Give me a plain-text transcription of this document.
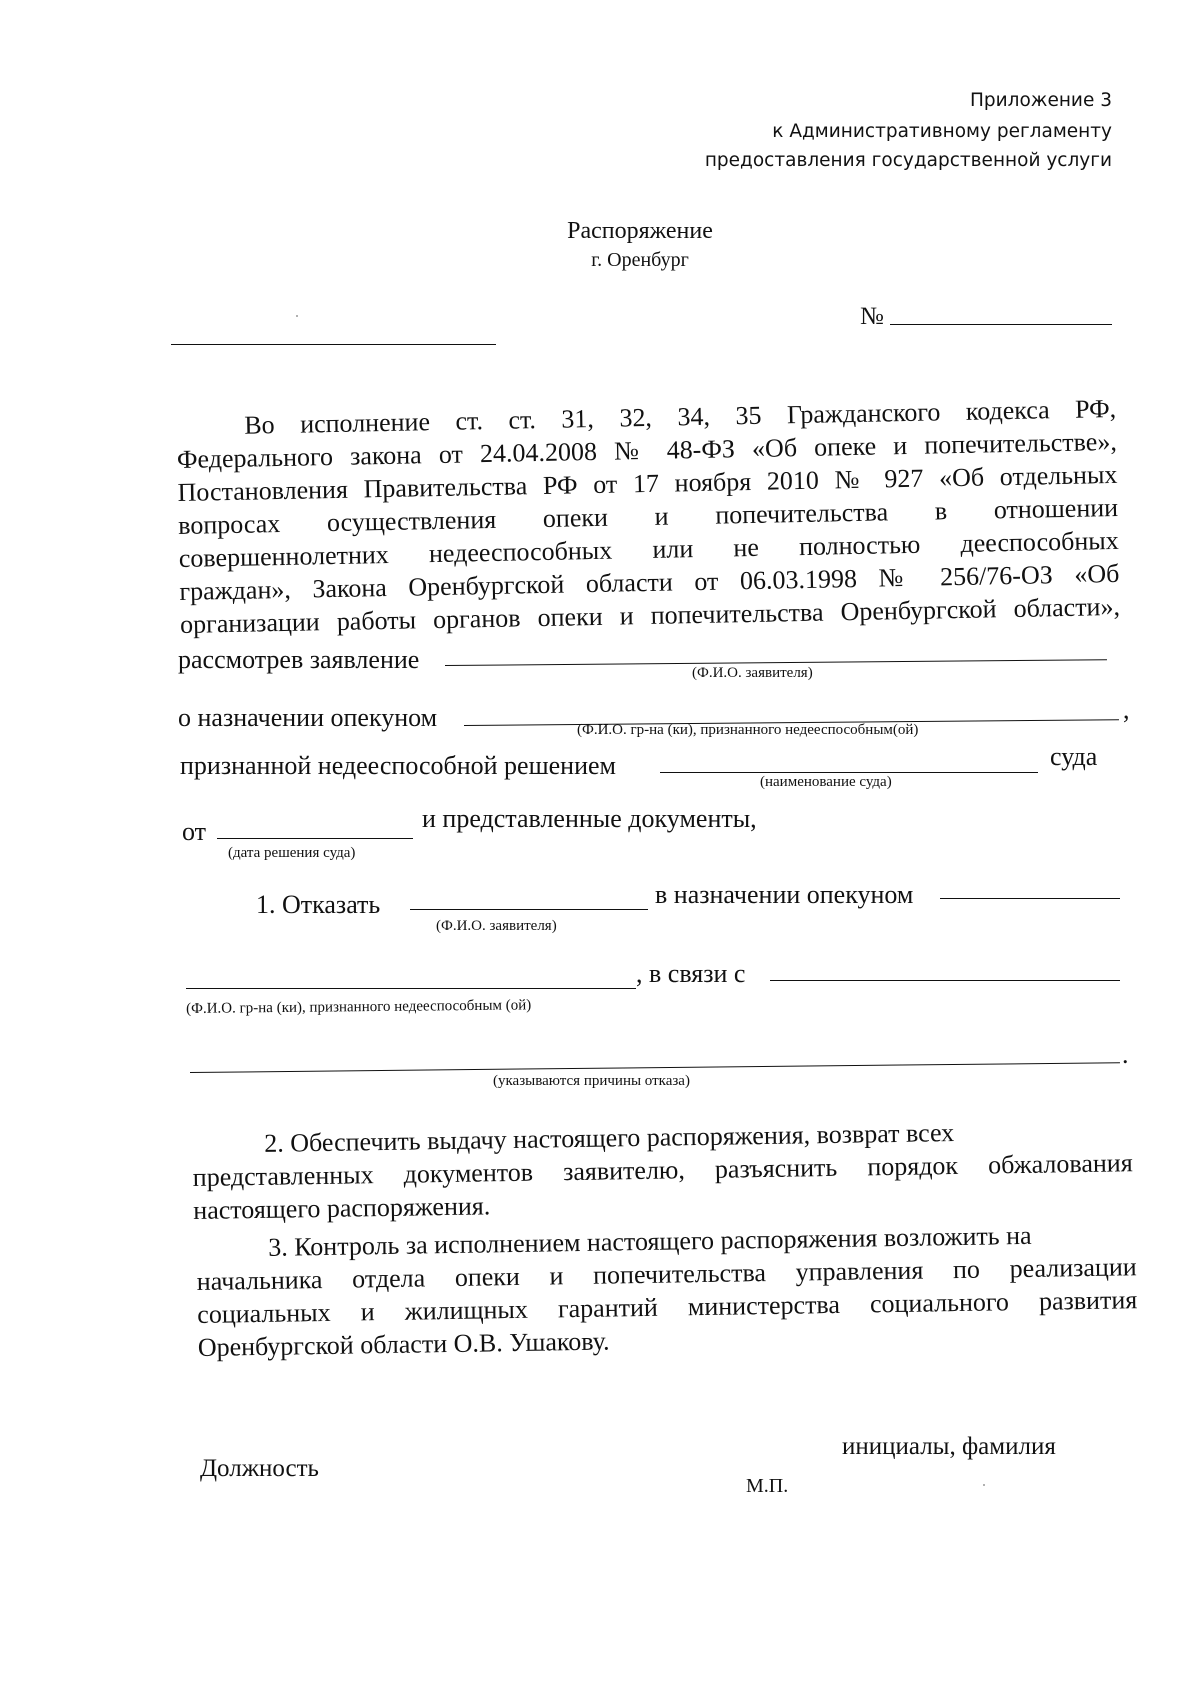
Приложение 3
к Административному регламенту
предоставления государственной услуги
Распоряжение
г. Оренбург
№
Во исполнение ст. ст. 31, 32, 34, 35 Гражданского кодекса РФ,
Федерального закона от 24.04.2008 № 48-ФЗ «Об опеке и попечительстве»,
Постановления Правительства РФ от 17 ноября 2010 № 927 «Об отдельных
вопросах осуществления опеки и попечительства в отношении
совершеннолетних недееспособных или не полностью дееспособных
граждан», Закона Оренбургской области от 06.03.1998 № 256/76-ОЗ «Об
организации работы органов опеки и попечительства Оренбургской области»,
рассмотрев заявление	(Ф.И.О. заявителя)
о назначении опекуном	,
(Ф.И.О. гр-на (ки), признанного недееспособным(ой)
признанной недееспособной решением	суда
(наименование суда)
от	и представленные документы,
(дата решения суда)
1. Отказать	в назначении опекуном
(Ф.И.О. заявителя)
, в связи с
(Ф.И.О. гр-на (ки), признанного недееспособным (ой)
.
(указываются причины отказа)
2. Обеспечить выдачу настоящего распоряжения, возврат всех
представленных документов заявителю, разъяснить порядок обжалования
настоящего распоряжения.
3. Контроль за исполнением настоящего распоряжения возложить на
начальника отдела опеки и попечительства управления по реализации
социальных и жилищных гарантий министерства социального развития
Оренбургской области О.В. Ушакову.
Должность
М.П.
инициалы, фамилия
